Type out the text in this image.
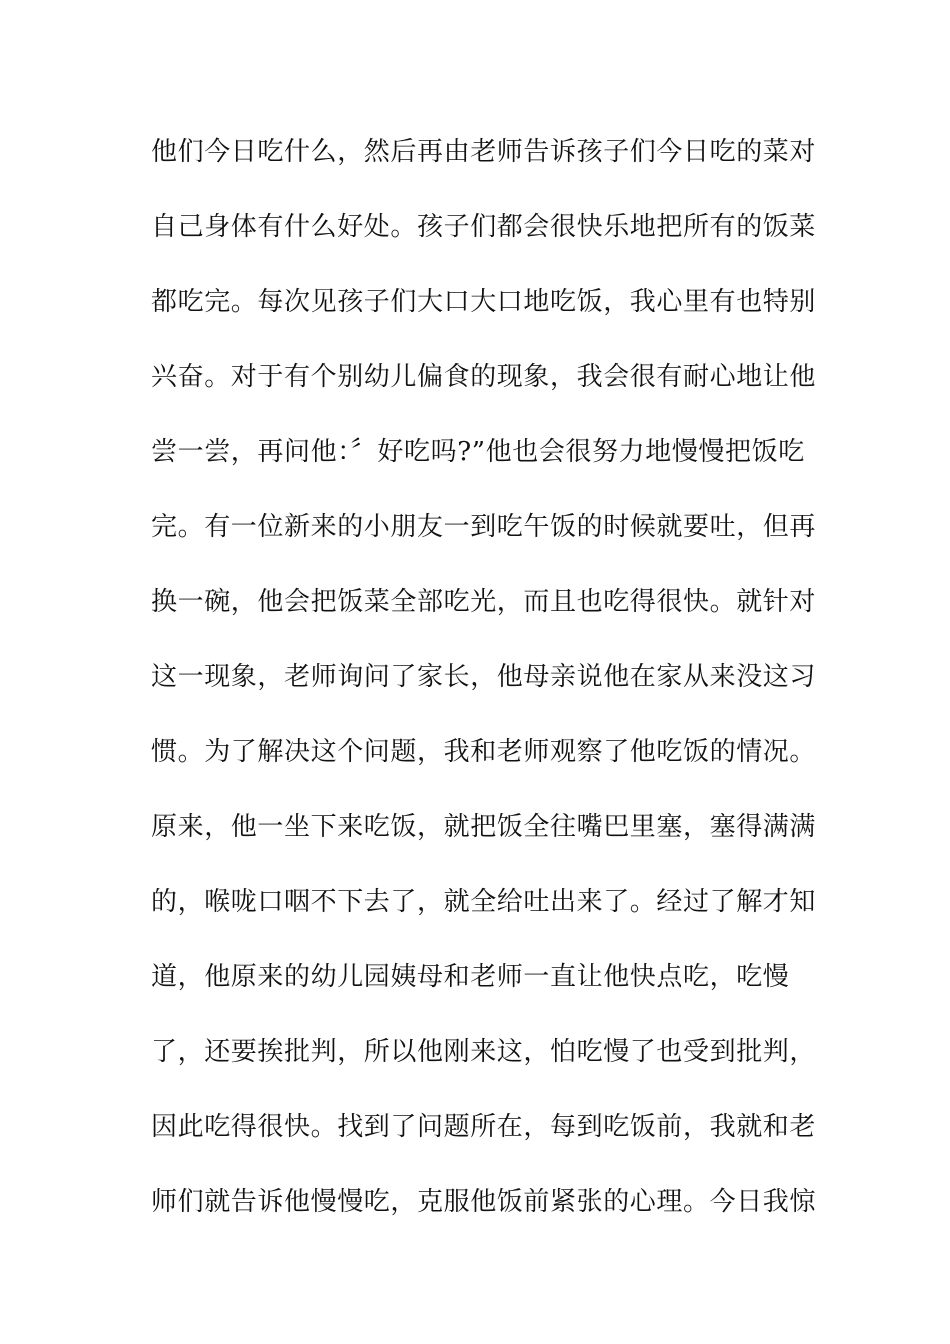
他们今日吃什么，然后再由老师告诉孩子们今日吃的菜对
自己身体有什么好处。孩子们都会很快乐地把所有的饭菜
都吃完。每次见孩子们大口大口地吃饭，我心里有也特别
兴奋。对于有个别幼儿偏食的现象，我会很有耐心地让他
尝一尝，再问他：〞好吃吗?”他也会很努力地慢慢把饭吃
完。有一位新来的小朋友一到吃午饭的时候就要吐，但再
换一碗，他会把饭菜全部吃光，而且也吃得很快。就针对
这一现象，老师询问了家长，他母亲说他在家从来没这习
惯。为了解决这个问题，我和老师观察了他吃饭的情况。
原来，他一坐下来吃饭，就把饭全往嘴巴里塞，塞得满满
的，喉咙口咽不下去了，就全给吐出来了。经过了解才知
道，他原来的幼儿园姨母和老师一直让他快点吃，吃慢
了，还要挨批判，所以他刚来这，怕吃慢了也受到批判，
因此吃得很快。找到了问题所在，每到吃饭前，我就和老
师们就告诉他慢慢吃，克服他饭前紧张的心理。今日我惊
